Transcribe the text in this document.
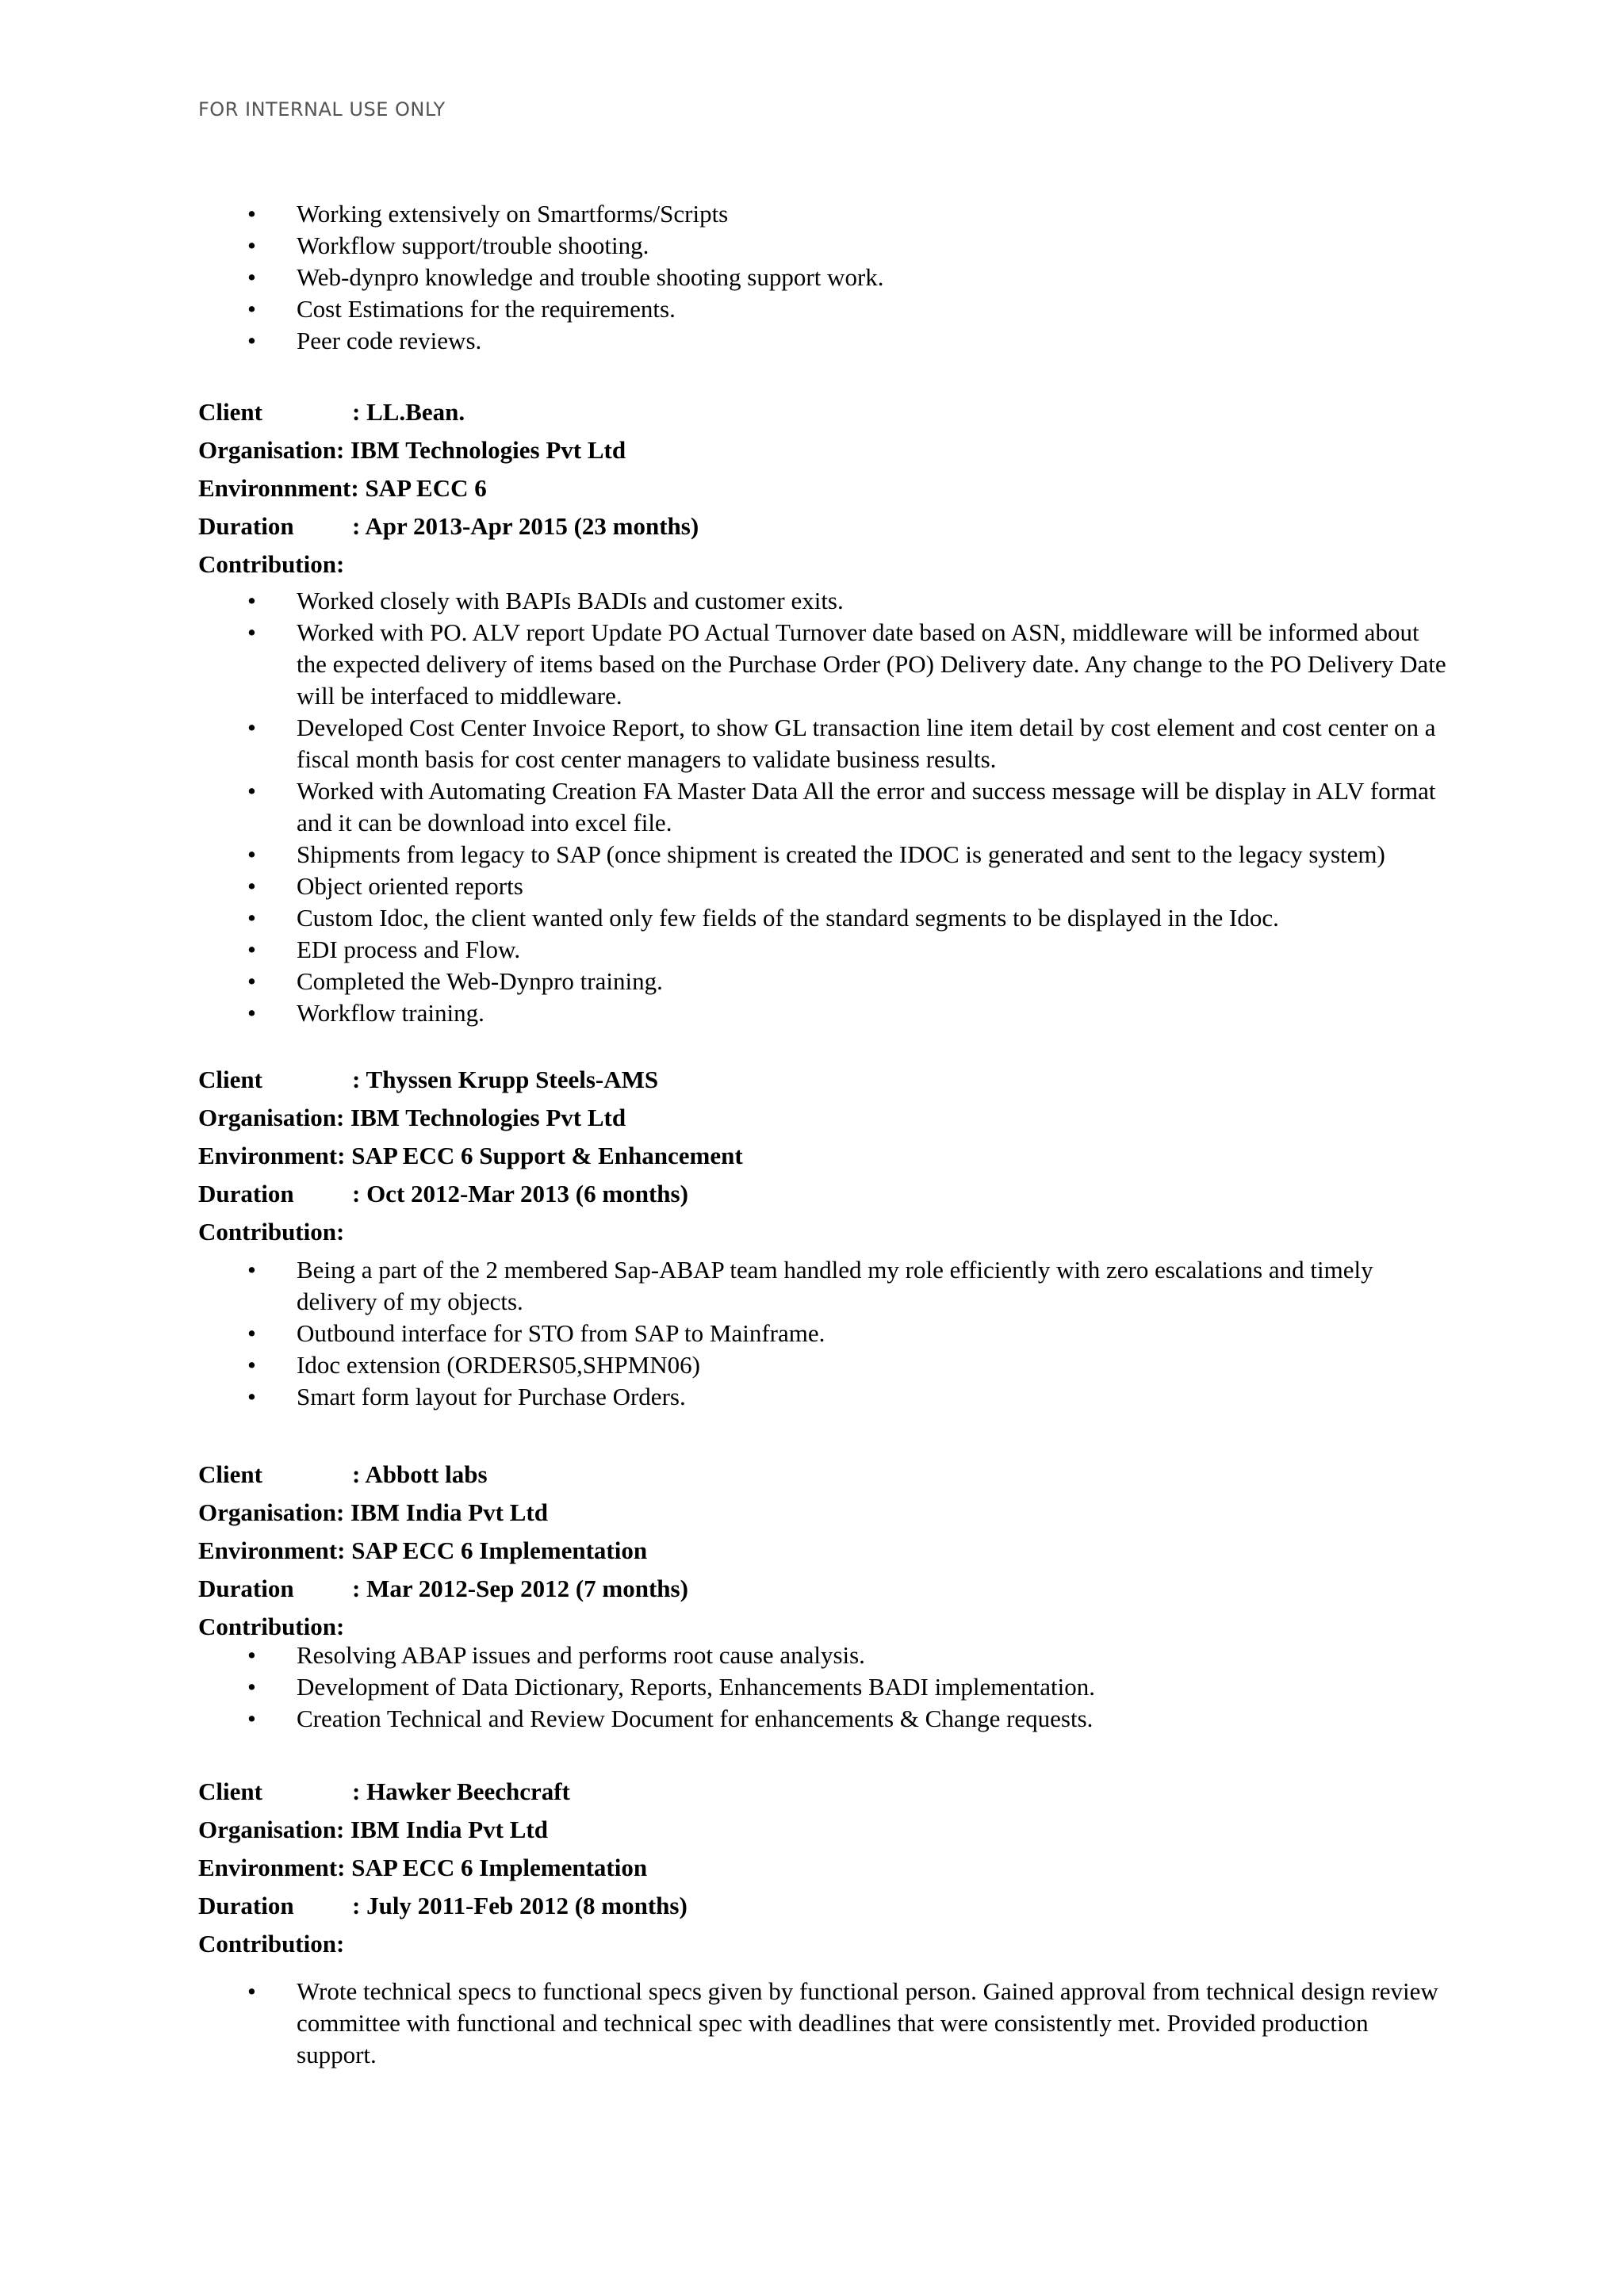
FOR INTERNAL USE ONLY
• Working extensively on Smartforms/Scripts
• Workflow support/trouble shooting.
• Web-dynpro knowledge and trouble shooting support work.
• Cost Estimations for the requirements.
• Peer code reviews.
Client	: LL.Bean.
Organisation: IBM Technologies Pvt Ltd
Environnment: SAP ECC 6
Duration : Apr 2013-Apr 2015 (23 months)
Contribution:
• Worked closely with BAPIs BADIs and customer exits.
• Worked with PO. ALV report Update PO Actual Turnover date based on ASN, middleware will be informed about the expected delivery of items based on the Purchase Order (PO) Delivery date. Any change to the PO Delivery Date will be interfaced to middleware.
• Developed Cost Center Invoice Report, to show GL transaction line item detail by cost element and cost center on a fiscal month basis for cost center managers to validate business results.
• Worked with Automating Creation FA Master Data All the error and success message will be display in ALV format and it can be download into excel file.
• Shipments from legacy to SAP (once shipment is created the IDOC is generated and sent to the legacy system)
• Object oriented reports
• Custom Idoc, the client wanted only few fields of the standard segments to be displayed in the Idoc.
• EDI process and Flow.
• Completed the Web-Dynpro training.
• Workflow training.
Client	: Thyssen Krupp Steels-AMS
Organisation: IBM Technologies Pvt Ltd
Environment: SAP ECC 6 Support & Enhancement
Duration : Oct 2012-Mar 2013 (6 months)
Contribution:
• Being a part of the 2 membered Sap-ABAP team handled my role efficiently with zero escalations and timely delivery of my objects.
• Outbound interface for STO from SAP to Mainframe.
• Idoc extension (ORDERS05,SHPMN06)
• Smart form layout for Purchase Orders.
Client	: Abbott labs
Organisation: IBM India Pvt Ltd
Environment: SAP ECC 6 Implementation
Duration : Mar 2012-Sep 2012 (7 months)
Contribution:
• Resolving ABAP issues and performs root cause analysis.
• Development of Data Dictionary, Reports, Enhancements BADI implementation.
• Creation Technical and Review Document for enhancements & Change requests.
Client	: Hawker Beechcraft
Organisation: IBM India Pvt Ltd
Environment: SAP ECC 6 Implementation
Duration : July 2011-Feb 2012 (8 months)
Contribution:
• Wrote technical specs to functional specs given by functional person. Gained approval from technical design review committee with functional and technical spec with deadlines that were consistently met. Provided production support.
